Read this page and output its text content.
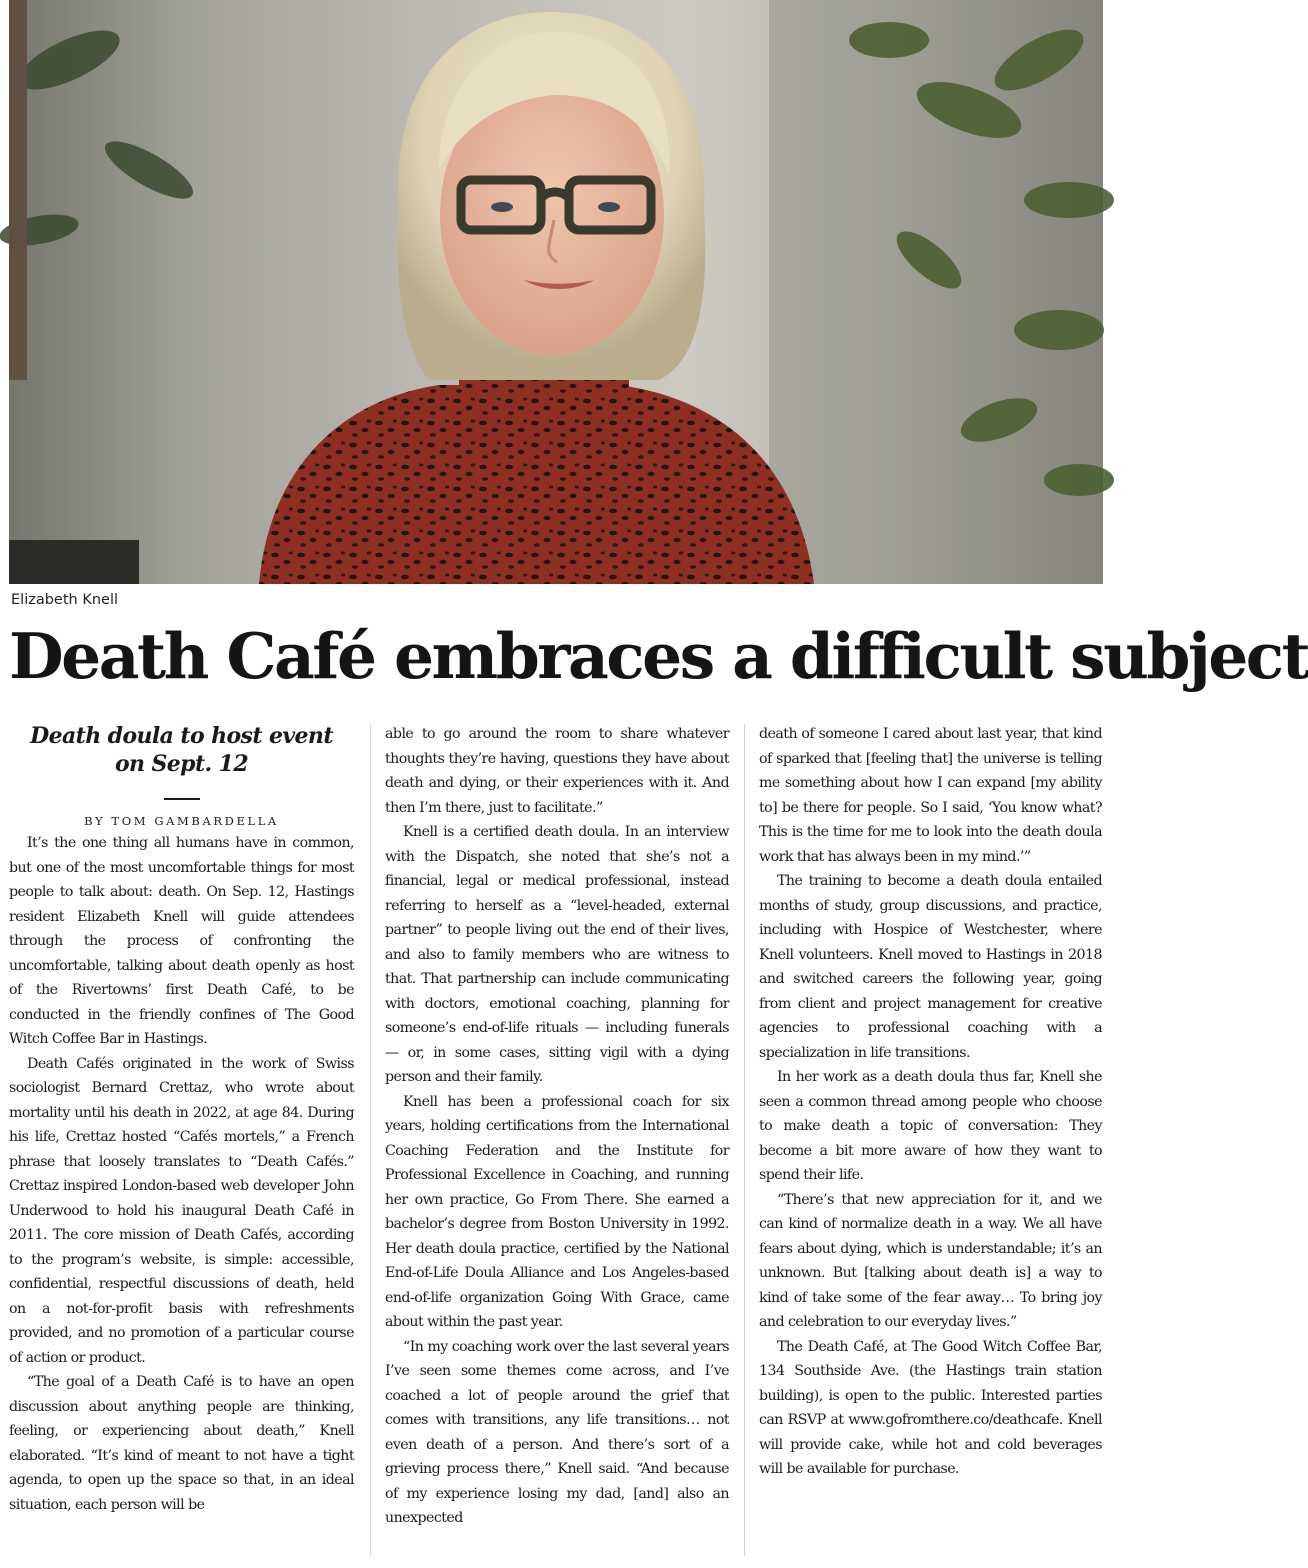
Elizabeth Knell
Death Café embraces a difficult subject
Death doula to host event on Sept. 12
BY TOM GAMBARDELLA

It’s the one thing all humans have in common, but one of the most uncomfortable things for most people to talk about: death. On Sep. 12, Hastings resident Elizabeth Knell will guide attendees through the process of confronting the uncomfortable, talking about death openly as host of the Rivertowns’ first Death Café, to be conducted in the friendly confines of The Good Witch Coffee Bar in Hastings.

Death Cafés originated in the work of Swiss sociologist Bernard Crettaz, who wrote about mortality until his death in 2022, at age 84. During his life, Crettaz hosted “Cafés mortels,” a French phrase that loosely translates to “Death Cafés.” Crettaz inspired London-based web developer John Underwood to hold his inaugural Death Café in 2011. The core mission of Death Cafés, according to the program’s website, is simple: accessible, confidential, respectful discussions of death, held on a not-for-profit basis with refreshments provided, and no promotion of a particular course of action or product.

“The goal of a Death Café is to have an open discussion about anything people are thinking, feeling, or experiencing about death,” Knell elaborated. “It’s kind of meant to not have a tight agenda, to open up the space so that, in an ideal situation, each person will be

able to go around the room to share whatever thoughts they’re having, questions they have about death and dying, or their experiences with it. And then I’m there, just to facilitate.”

Knell is a certified death doula. In an interview with the Dispatch, she noted that she’s not a financial, legal or medical professional, instead referring to herself as a “level-headed, external partner” to people living out the end of their lives, and also to family members who are witness to that. That partnership can include communicating with doctors, emotional coaching, planning for someone’s end-of-life rituals — including funerals — or, in some cases, sitting vigil with a dying person and their family.

Knell has been a professional coach for six years, holding certifications from the International Coaching Federation and the Institute for Professional Excellence in Coaching, and running her own practice, Go From There. She earned a bachelor’s degree from Boston University in 1992. Her death doula practice, certified by the National End-of-Life Doula Alliance and Los Angeles-based end-of-life organization Going With Grace, came about within the past year.

“In my coaching work over the last several years I’ve seen some themes come across, and I’ve coached a lot of people around the grief that comes with transitions, any life transitions… not even death of a person. And there’s sort of a grieving process there,” Knell said. “And because of my experience losing my dad, [and] also an unexpected

death of someone I cared about last year, that kind of sparked that [feeling that] the universe is telling me something about how I can expand [my ability to] be there for people. So I said, ‘You know what? This is the time for me to look into the death doula work that has always been in my mind.’”

The training to become a death doula entailed months of study, group discussions, and practice, including with Hospice of Westchester, where Knell volunteers. Knell moved to Hastings in 2018 and switched careers the following year, going from client and project management for creative agencies to professional coaching with a specialization in life transitions.

In her work as a death doula thus far, Knell she seen a common thread among people who choose to make death a topic of conversation: They become a bit more aware of how they want to spend their life.

“There’s that new appreciation for it, and we can kind of normalize death in a way. We all have fears about dying, which is understandable; it’s an unknown. But [talking about death is] a way to kind of take some of the fear away… To bring joy and celebration to our everyday lives.”

The Death Café, at The Good Witch Coffee Bar, 134 Southside Ave. (the Hastings train station building), is open to the public. Interested parties can RSVP at www.gofromthere.co/deathcafe. Knell will provide cake, while hot and cold beverages will be available for purchase.
